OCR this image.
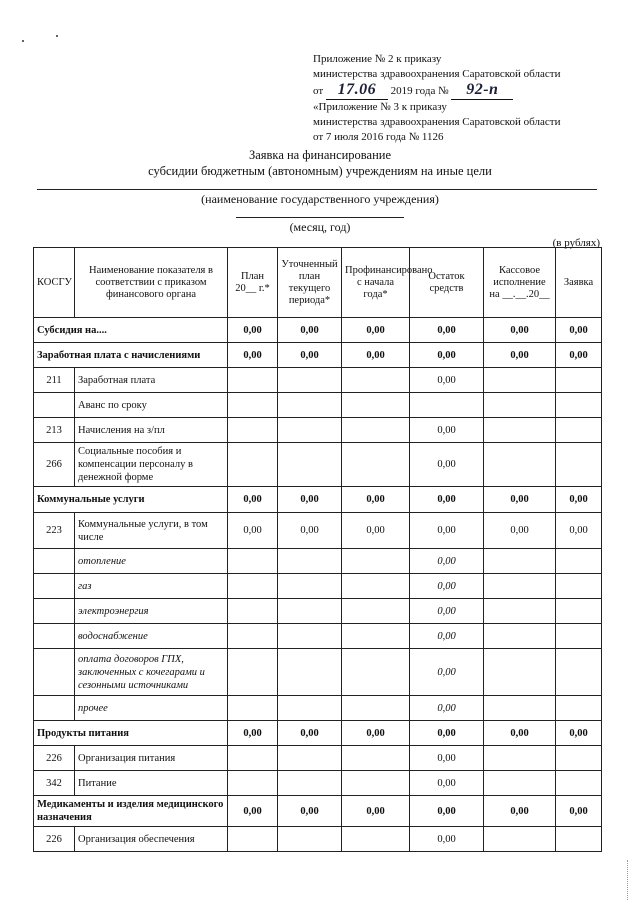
Приложение № 2 к приказу
министерства здравоохранения Саратовской области
от 17.06 2019 года № 92-п
«Приложение № 3 к приказу
министерства здравоохранения Саратовской области
от 7 июля 2016 года № 1126
Заявка на финансирование
субсидии бюджетным (автономным) учреждениям на иные цели
(наименование государственного учреждения)
(месяц, год)
(в рублях)
КОСГУ	Наименование показателя в соответствии с приказом финансового органа	План 20__ г.*	Уточненный план текущего периода*	Профинансировано с начала года*	Остаток средств	Кассовое исполнение на __.__.20__	Заявка
Субсидия на....		0,00	0,00	0,00	0,00	0,00	0,00
Заработная плата с начислениями		0,00	0,00	0,00	0,00	0,00	0,00
211	Заработная плата				0,00		
	Аванс по сроку						
213	Начисления на з/пл				0,00		
266	Социальные пособия и компенсации персоналу в денежной форме				0,00		
Коммунальные услуги		0,00	0,00	0,00	0,00	0,00	0,00
223	Коммунальные услуги, в том числе	0,00	0,00	0,00	0,00	0,00	0,00
	отопление				0,00		
	газ				0,00		
	электроэнергия				0,00		
	водоснабжение				0,00		
	оплата договоров ГПХ, заключенных с кочегарами и сезонными источниками				0,00		
	прочее				0,00		
Продукты питания		0,00	0,00	0,00	0,00	0,00	0,00
226	Организация питания				0,00		
342	Питание				0,00		
Медикаменты и изделия медицинского назначения		0,00	0,00	0,00	0,00	0,00	0,00
226	Организация обеспечения				0,00		
